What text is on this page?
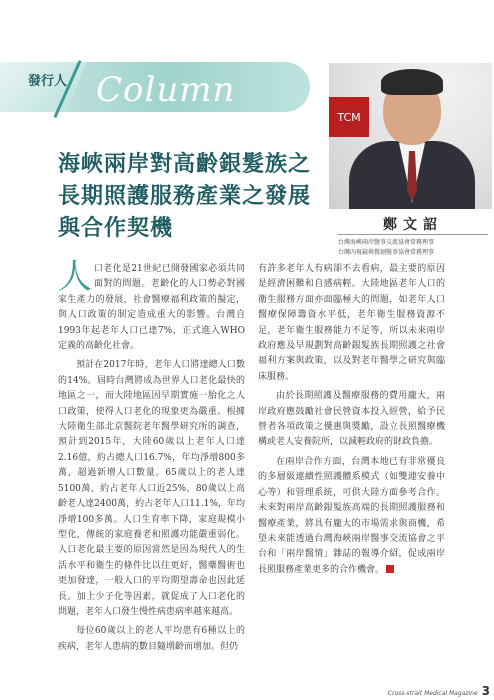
發行人 Column
TCM
海峽兩岸對高齡銀髮族之
長期照護服務產業之發展
與合作契機	鄭文詔
台灣海峽兩岸醫事交流協會常務理事
台灣內視鏡與微創醫事協會常務理事

人口老化是21世紀已開發國家必須共同面對的問題。老齡化的人口勢必對國家生產力的發展，社會醫療福利政策的擬定，與人口政策的制定造成重大的影響。台灣自1993年起老年人口已達7%，正式進入WHO定義的高齡化社會。

預計在2017年時，老年人口將達總人口數的14%。屆時台灣將成為世界人口老化最快的地區之一，而大陸地區因早期實施一胎化之人口政策，使得人口老化的現象更為嚴重。根據大陸衛生部北京醫院老年醫學研究所的調查，預計到2015年，大陸60歲以上老年人口達2.16億，約占總人口16.7%，年均淨增800多萬，超過新增人口數量。65歲以上的老人達5100萬，約占老年人口近25%，80歲以上高齡老人達2400萬，約占老年人口11.1%，年均淨增100多萬。人口生育率下降，家庭規模小型化，傳統的家庭養老和照護功能嚴重弱化。人口老化最主要的原因當然是因為現代人的生活水平和衛生的條件比以往更好，醫藥醫術也更加發達，一般人口的平均期望壽命也因此延長。加上少子化等因素，就促成了人口老化的問題，老年人口發生慢性病患病率越來越高。

每位60歲以上的老人平均患有6種以上的疾病，老年人患病的數目隨增齡而增加。但仍

有許多老年人有病卻不去看病，最主要的原因是經濟困難和自感病輕。大陸地區老年人口的衛生服務方面亦面臨極大的問題，如老年人口醫療保障籌資水平低，老年衛生服務資源不足，老年衛生服務能力不足等，所以未來兩岸政府應及早規劃對高齡銀髮族長期照護之社會福利方案與政策，以及對老年醫學之研究與臨床服務。

由於長期照護及醫療服務的費用龐大，兩岸政府應鼓勵社會民營資本投入經營，給予民營者各項政策之優惠與獎勵，設立長照醫療機構或老人安養院所，以減輕政府的財政負擔。

在兩岸合作方面，台灣本地已有非常優良的多層級連續性照護體系模式（如雙連安養中心等）和管理系統，可供大陸方面參考合作。未來對兩岸高齡銀髮族高端的長期照護服務和醫療產業，將具有龐大的市場需求與商機，希望未來能透過台灣海峽兩岸醫事交流協會之平台和「兩岸醫情」雜誌的報導介紹，促成兩岸長照服務產業更多的合作機會。	+

Cross-strait Medical Magazine 3
